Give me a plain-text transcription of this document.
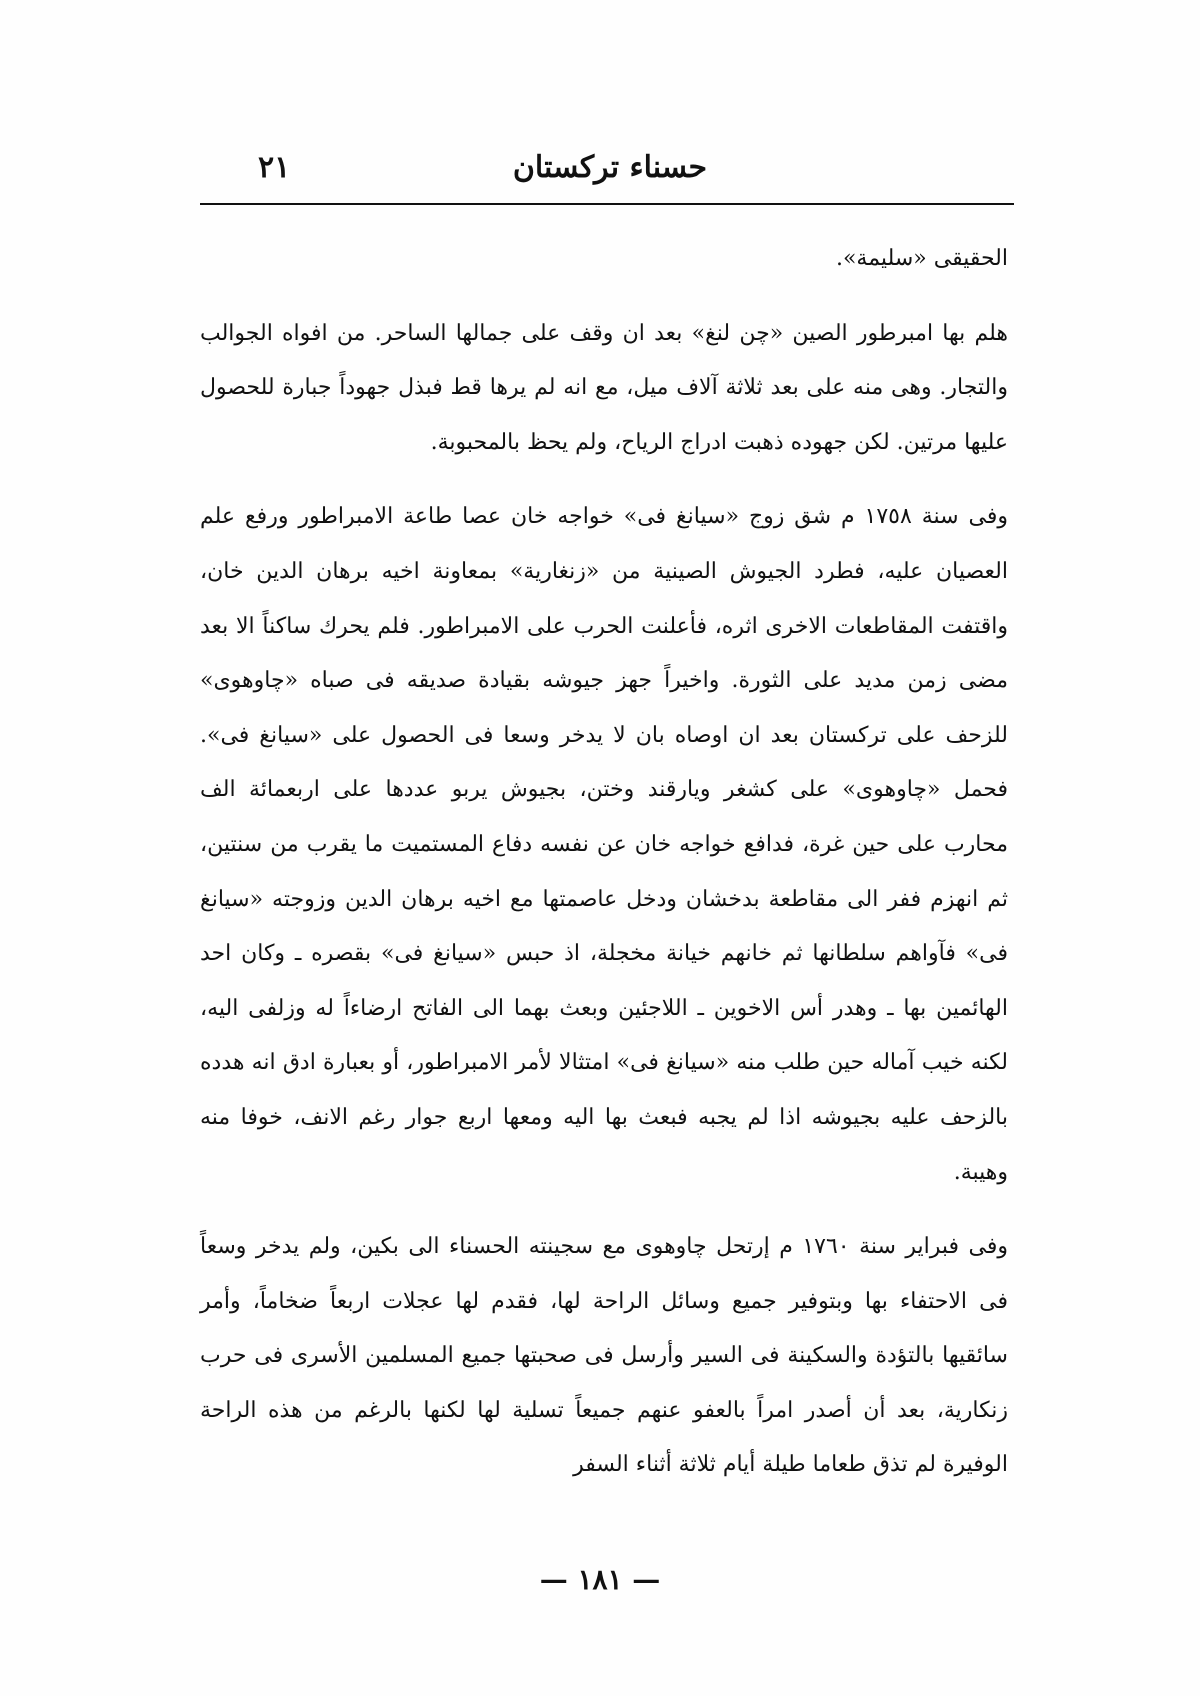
حسناء تركستان
٢١

الحقيقى «سليمة».

هلم بها امبرطور الصين «چن لنغ» بعد ان وقف على جمالها الساحر. من افواه الجوالب والتجار. وهى منه على بعد ثلاثة آلاف ميل، مع انه لم يرها قط فبذل جهوداً جبارة للحصول عليها مرتين. لكن جهوده ذهبت ادراج الرياح، ولم يحظ بالمحبوبة.

وفى سنة ١٧٥٨ م شق زوج «سيانغ فى» خواجه خان عصا طاعة الامبراطور ورفع علم العصيان عليه، فطرد الجيوش الصينية من «زنغارية» بمعاونة اخيه برهان الدين خان، واقتفت المقاطعات الاخرى اثره، فأعلنت الحرب على الامبراطور. فلم يحرك ساكناً الا بعد مضى زمن مديد على الثورة. واخيراً جهز جيوشه بقيادة صديقه فى صباه «چاوهوى» للزحف على تركستان بعد ان اوصاه بان لا يدخر وسعا فى الحصول على «سيانغ فى». فحمل «چاوهوى» على كشغر ويارقند وختن، بجيوش يربو عددها على اربعمائة الف محارب على حين غرة، فدافع خواجه خان عن نفسه دفاع المستميت ما يقرب من سنتين، ثم انهزم ففر الى مقاطعة بدخشان ودخل عاصمتها مع اخيه برهان الدين وزوجته «سيانغ فى» فآواهم سلطانها ثم خانهم خيانة مخجلة، اذ حبس «سيانغ فى» بقصره ـ وكان احد الهائمين بها ـ وهدر أس الاخوين ـ اللاجئين وبعث بهما الى الفاتح ارضاءاً له وزلفى اليه، لكنه خيب آماله حين طلب منه «سيانغ فى» امتثالا لأمر الامبراطور، أو بعبارة ادق انه هدده بالزحف عليه بجيوشه اذا لم يجبه فبعث بها اليه ومعها اربع جوار رغم الانف، خوفا منه وهيبة.

وفى فبراير سنة ١٧٦٠ م إرتحل چاوهوى مع سجينته الحسناء الى بكين، ولم يدخر وسعاً فى الاحتفاء بها وبتوفير جميع وسائل الراحة لها، فقدم لها عجلات اربعاً ضخاماً، وأمر سائقيها بالتؤدة والسكينة فى السير وأرسل فى صحبتها جميع المسلمين الأسرى فى حرب زنكارية، بعد أن أصدر امراً بالعفو عنهم جميعاً تسلية لها لكنها بالرغم من هذه الراحة الوفيرة لم تذق طعاما طيلة أيام ثلاثة أثناء السفر

— ١٨١ —
